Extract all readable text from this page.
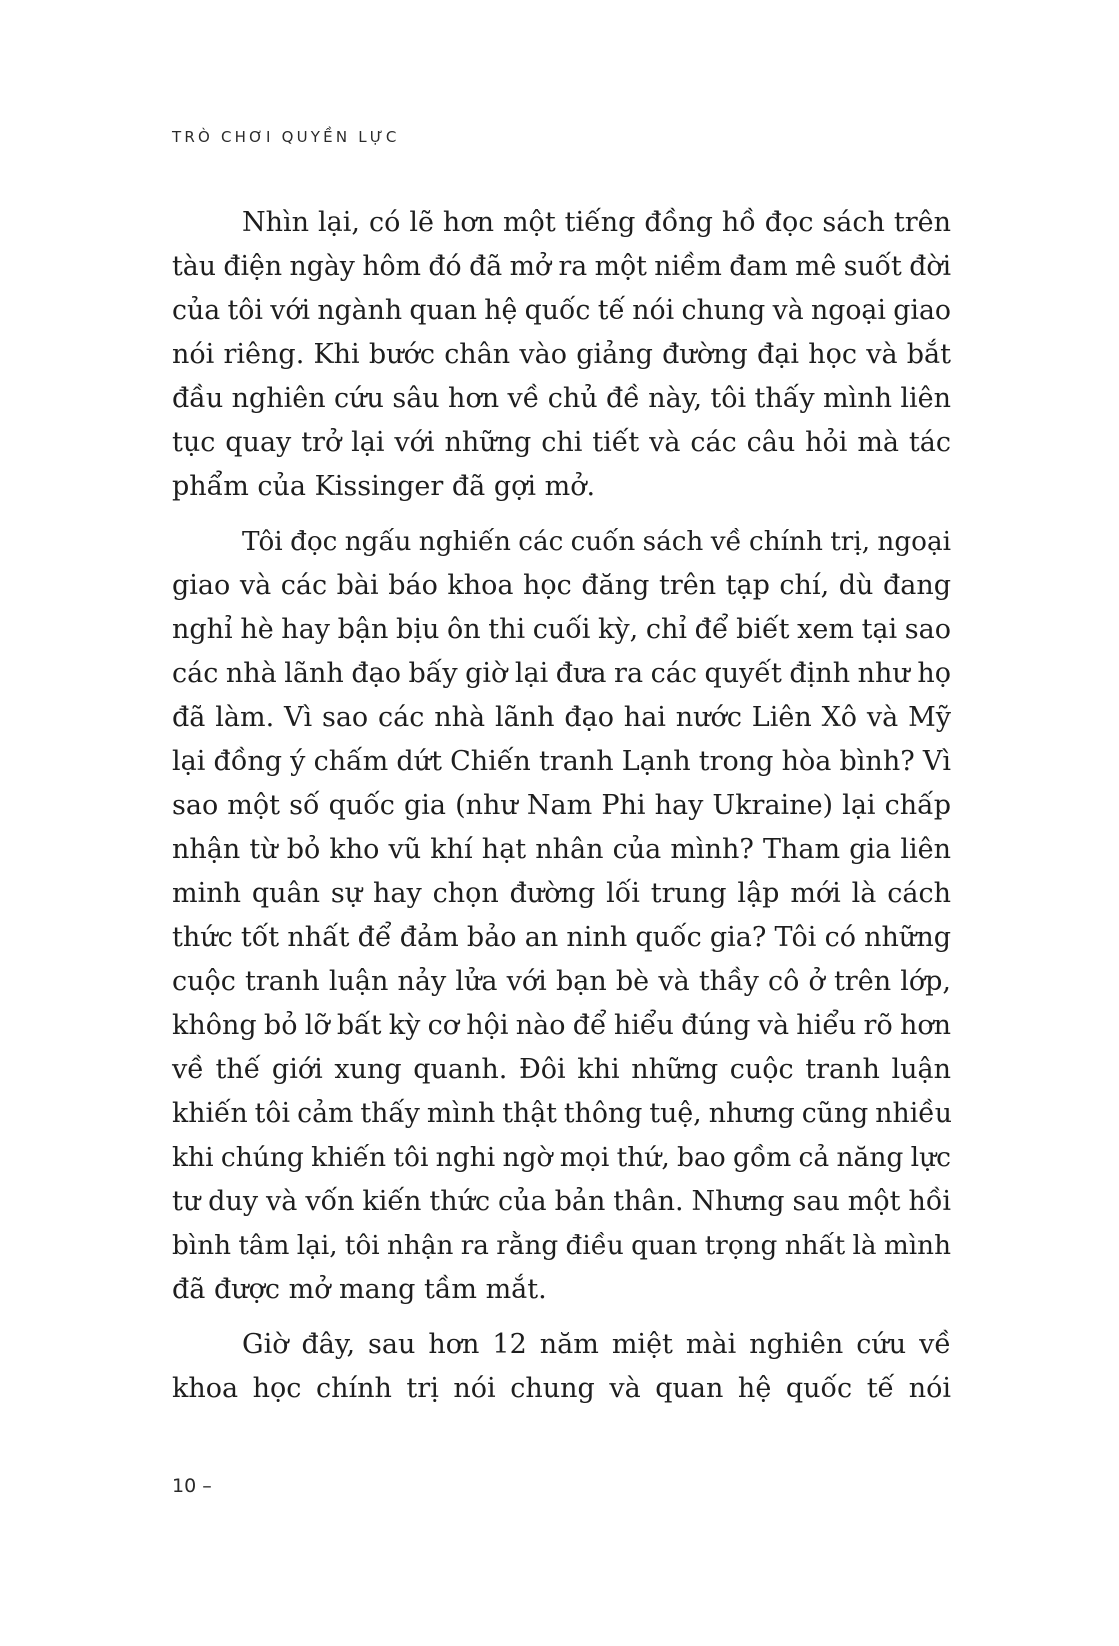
TRÒ CHƠI QUYỀN LỰC
Nhìn lại, có lẽ hơn một tiếng đồng hồ đọc sách trên
tàu điện ngày hôm đó đã mở ra một niềm đam mê suốt đời
của tôi với ngành quan hệ quốc tế nói chung và ngoại giao
nói riêng. Khi bước chân vào giảng đường đại học và bắt
đầu nghiên cứu sâu hơn về chủ đề này, tôi thấy mình liên
tục quay trở lại với những chi tiết và các câu hỏi mà tác
phẩm của Kissinger đã gợi mở.
Tôi đọc ngấu nghiến các cuốn sách về chính trị, ngoại
giao và các bài báo khoa học đăng trên tạp chí, dù đang
nghỉ hè hay bận bịu ôn thi cuối kỳ, chỉ để biết xem tại sao
các nhà lãnh đạo bấy giờ lại đưa ra các quyết định như họ
đã làm. Vì sao các nhà lãnh đạo hai nước Liên Xô và Mỹ
lại đồng ý chấm dứt Chiến tranh Lạnh trong hòa bình? Vì
sao một số quốc gia (như Nam Phi hay Ukraine) lại chấp
nhận từ bỏ kho vũ khí hạt nhân của mình? Tham gia liên
minh quân sự hay chọn đường lối trung lập mới là cách
thức tốt nhất để đảm bảo an ninh quốc gia? Tôi có những
cuộc tranh luận nảy lửa với bạn bè và thầy cô ở trên lớp,
không bỏ lỡ bất kỳ cơ hội nào để hiểu đúng và hiểu rõ hơn
về thế giới xung quanh. Đôi khi những cuộc tranh luận
khiến tôi cảm thấy mình thật thông tuệ, nhưng cũng nhiều
khi chúng khiến tôi nghi ngờ mọi thứ, bao gồm cả năng lực
tư duy và vốn kiến thức của bản thân. Nhưng sau một hồi
bình tâm lại, tôi nhận ra rằng điều quan trọng nhất là mình
đã được mở mang tầm mắt.
Giờ đây, sau hơn 12 năm miệt mài nghiên cứu về
khoa học chính trị nói chung và quan hệ quốc tế nói
10 –
